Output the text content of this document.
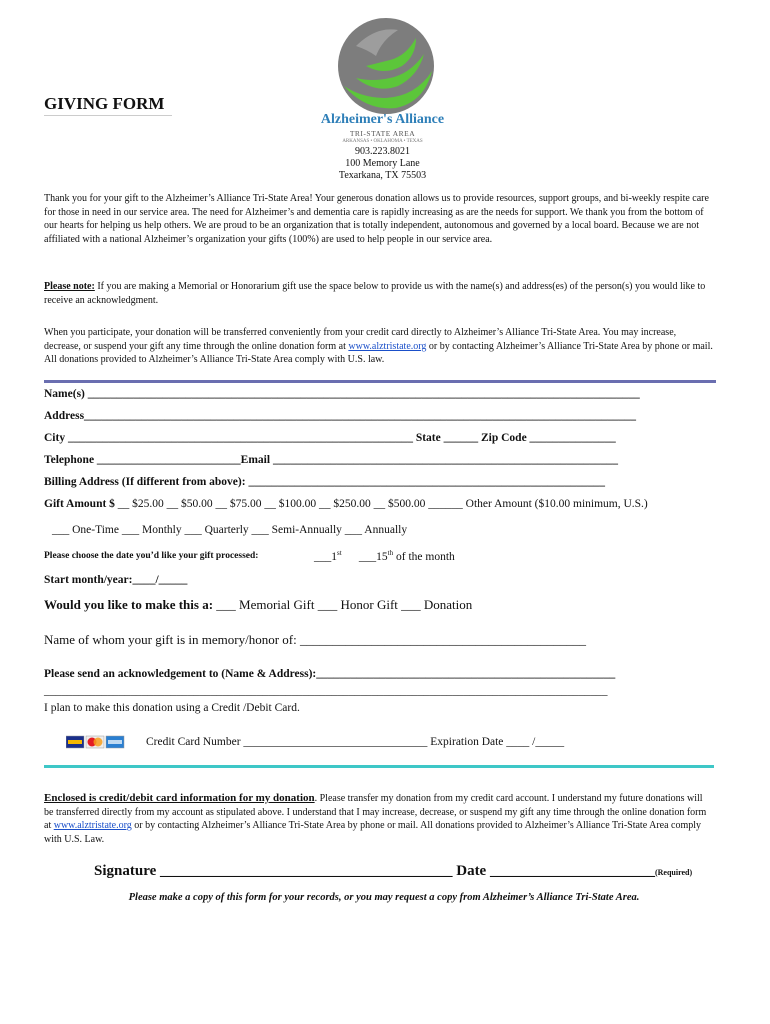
GIVING FORM
Alzheimer's Alliance
TRI-STATE AREA
ARKANSAS • OKLAHOMA • TEXAS
903.223.8021
100 Memory Lane
Texarkana, TX 75503
Thank you for your gift to the Alzheimer’s Alliance Tri-State Area! Your generous donation allows us to provide resources, support groups, and bi-weekly respite care for those in need in our service area. The need for Alzheimer’s and dementia care is rapidly increasing as are the needs for support. We thank you from the bottom of our hearts for helping us help others. We are proud to be an organization that is totally independent, autonomous and governed by a local board. Because we are not affiliated with a national Alzheimer’s organization your gifts (100%) are used to help people in our service area.
Please note: If you are making a Memorial or Honorarium gift use the space below to provide us with the name(s) and address(es) of the person(s) you would like to receive an acknowledgment.
When you participate, your donation will be transferred conveniently from your credit card directly to Alzheimer’s Alliance Tri-State Area. You may increase, decrease, or suspend your gift any time through the online donation form at www.alztristate.org or by contacting Alzheimer’s Alliance Tri-State Area by phone or mail. All donations provided to Alzheimer’s Alliance Tri-State Area comply with U.S. law.
Name(s) ________________________________________________________________________________________________
Address________________________________________________________________________________________________
City ____________________________________________________________ State ______ Zip Code _______________
Telephone _________________________Email ____________________________________________________________
Billing Address (If different from above): ______________________________________________________________
Gift Amount $ __ $25.00 __ $50.00 __ $75.00 __ $100.00 __ $250.00 __ $500.00 ______ Other Amount ($10.00 minimum, U.S.)
___ One-Time ___ Monthly ___ Quarterly ___ Semi-Annually ___ Annually
Please choose the date you’d like your gift processed:	___1st ___15th of the month
Start month/year:____/_____
Would you like to make this a: ___ Memorial Gift ___ Honor Gift ___ Donation
Name of whom your gift is in memory/honor of: ____________________________________________
Please send an acknowledgement to (Name & Address):____________________________________________________
__________________________________________________________________________________________________
I plan to make this donation using a Credit /Debit Card.
Credit Card Number ________________________________ Expiration Date ____ /_____
Enclosed is credit/debit card information for my donation. Please transfer my donation from my credit card account. I understand my future donations will be transferred directly from my account as stipulated above. I understand that I may increase, decrease, or suspend my gift any time through the online donation form at www.alztristate.org or by contacting Alzheimer’s Alliance Tri-State Area by phone or mail. All donations provided to Alzheimer’s Alliance Tri-State Area comply with U.S. Law.
Signature _______________________________________ Date ______________________(Required)
Please make a copy of this form for your records, or you may request a copy from Alzheimer’s Alliance Tri-State Area.
